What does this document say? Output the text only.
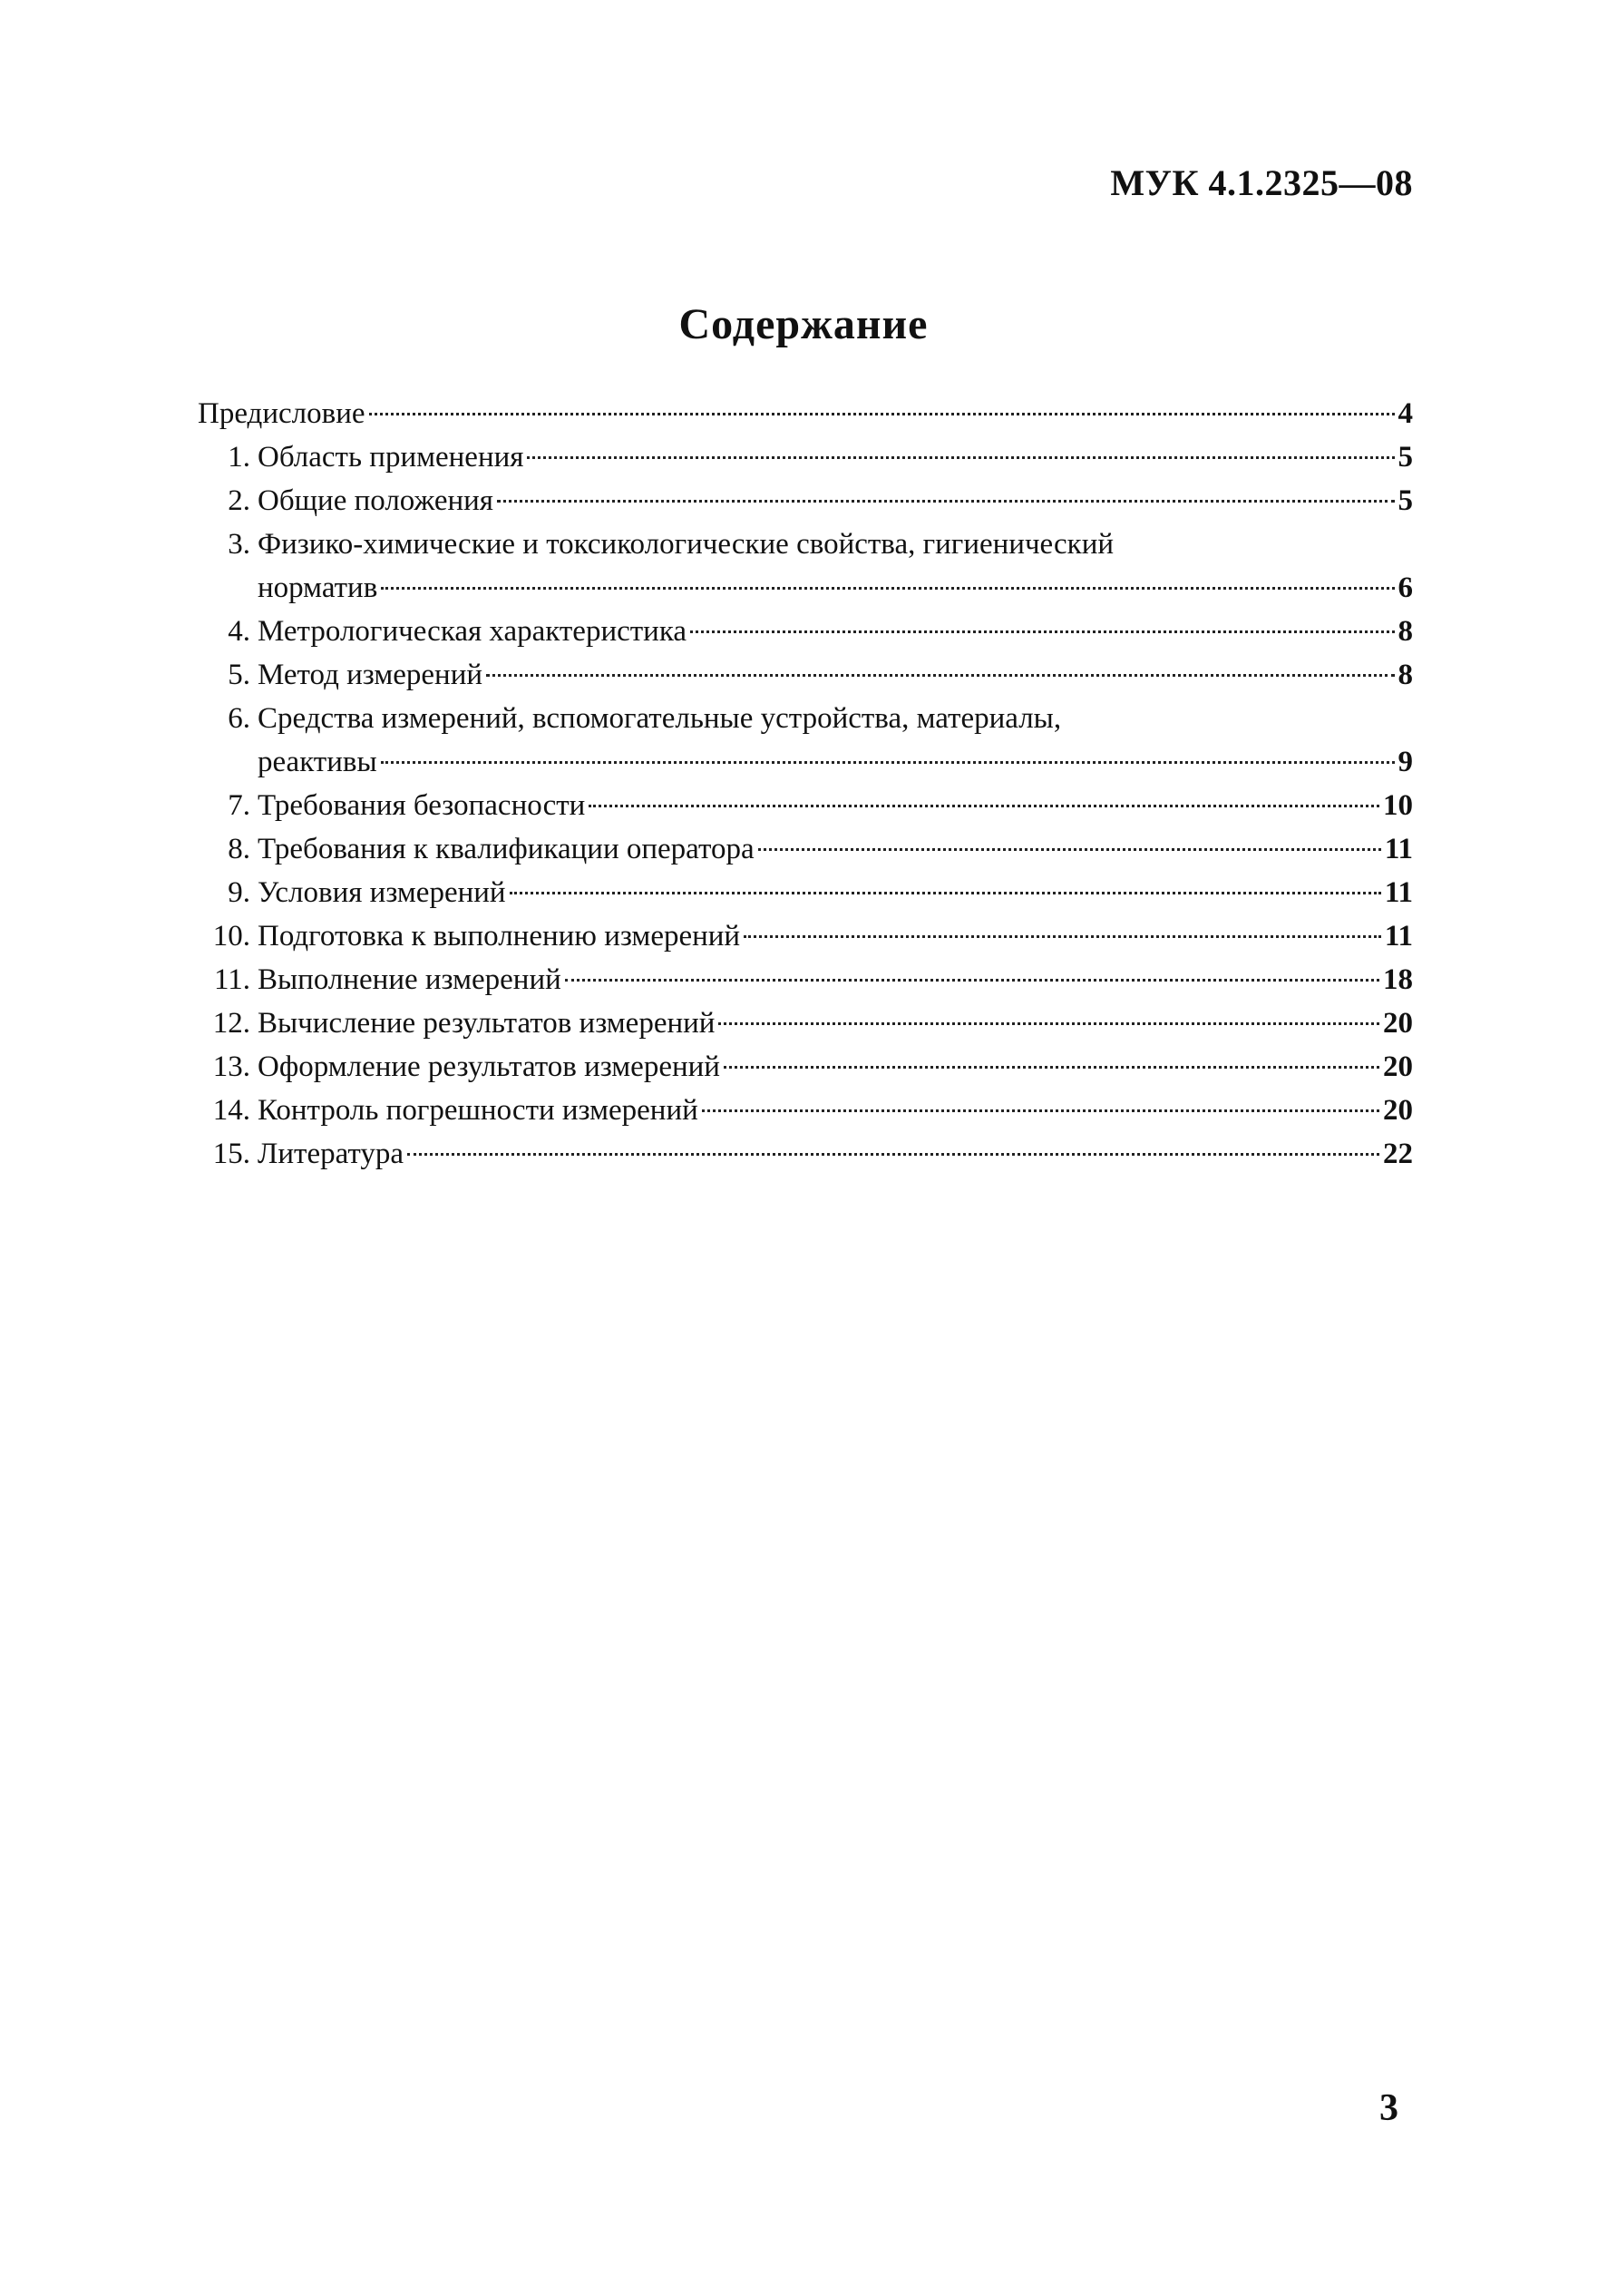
МУК 4.1.2325—08
Содержание
Предисловие	4
1. Область применения	5
2. Общие положения	5
3. Физико-химические и токсикологические свойства, гигиенический
норматив	6
4. Метрологическая характеристика	8
5. Метод измерений	8
6. Средства измерений, вспомогательные устройства, материалы,
реактивы	9
7. Требования безопасности	10
8. Требования к квалификации оператора	11
9. Условия измерений	11
10. Подготовка к выполнению измерений	11
11. Выполнение измерений	18
12. Вычисление результатов измерений	20
13. Оформление результатов измерений	20
14. Контроль погрешности измерений	20
15. Литература	22
3
